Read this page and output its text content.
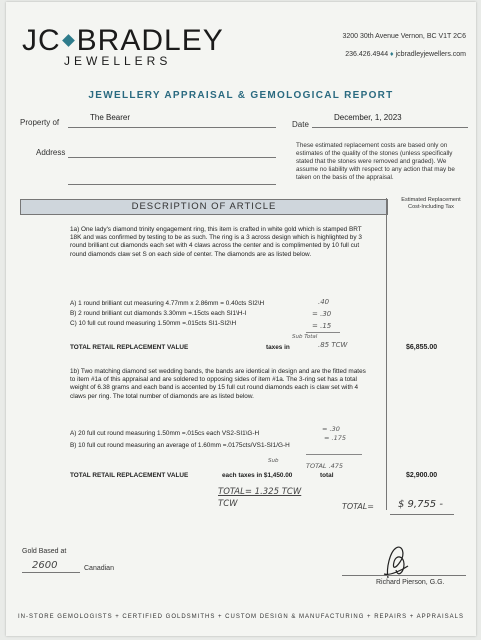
JC BRADLEY
JEWELLERS
3200 30th Avenue Vernon, BC V1T 2C6
236.426.4944 ♦ jcbradleyjewellers.com
JEWELLERY APPRAISAL & GEMOLOGICAL REPORT
Property of
The Bearer
Date
December, 1, 2023
Address
These estimated replacement costs are based only on estimates of the quality of the stones (unless specifically stated that the stones were removed and graded). We assume no liability with respect to any action that may be taken on the basis of the appraisal.
DESCRIPTION OF ARTICLE
Estimated Replacement
Cost-Including Tax
1a) One lady's diamond trinity engagement ring, this item is crafted in white gold which is stamped BRT 18K and was confirmed by testing to be as such. The ring is a 3 across design which is highlighted by 3 round brilliant cut diamonds each set with 4 claws across the center and is complimented by 10 full cut round diamonds claw set S on each side of center. The diamonds are as listed below.
A) 1 round brilliant cut measuring 4.77mm x 2.86mm = 0.40cts SI2\H
B) 2 round brilliant cut diamonds 3.30mm =.15cts each SI1\H-I
C) 10 full cut round measuring 1.50mm =.015cts SI1-SI2\H
.40
= .30
= .15
Sub Total
.85 TCW
TOTAL RETAIL REPLACEMENT VALUE	taxes in	$6,855.00
1b) Two matching diamond set wedding bands, the bands are identical in design and are the fitted mates to item #1a of this appraisal and are soldered to opposing sides of item #1a. The 3-ring set has a total weight of 6.38 grams and each band is accented by 15 full cut round diamonds each is claw set with 4 claws per ring. The total number of diamonds are as listed below.
A) 20 full cut round measuring 1.50mm =.015cs each VS2-SI1\G-H
B) 10 full cut round measuring an average of 1.60mm =.0175cts/VS1-SI1/G-H
= .30
= .175
Sub
TOTAL .475
TOTAL RETAIL REPLACEMENT VALUE	each taxes in $1,450.00	total	$2,900.00
TOTAL= 1.325 TCW
TCW	TOTAL= $ 9,755 -
Gold Based at
2600	Canadian
Richard Pierson, G.G.
IN-STORE GEMOLOGISTS + CERTIFIED GOLDSMITHS + CUSTOM DESIGN & MANUFACTURING + REPAIRS + APPRAISALS
